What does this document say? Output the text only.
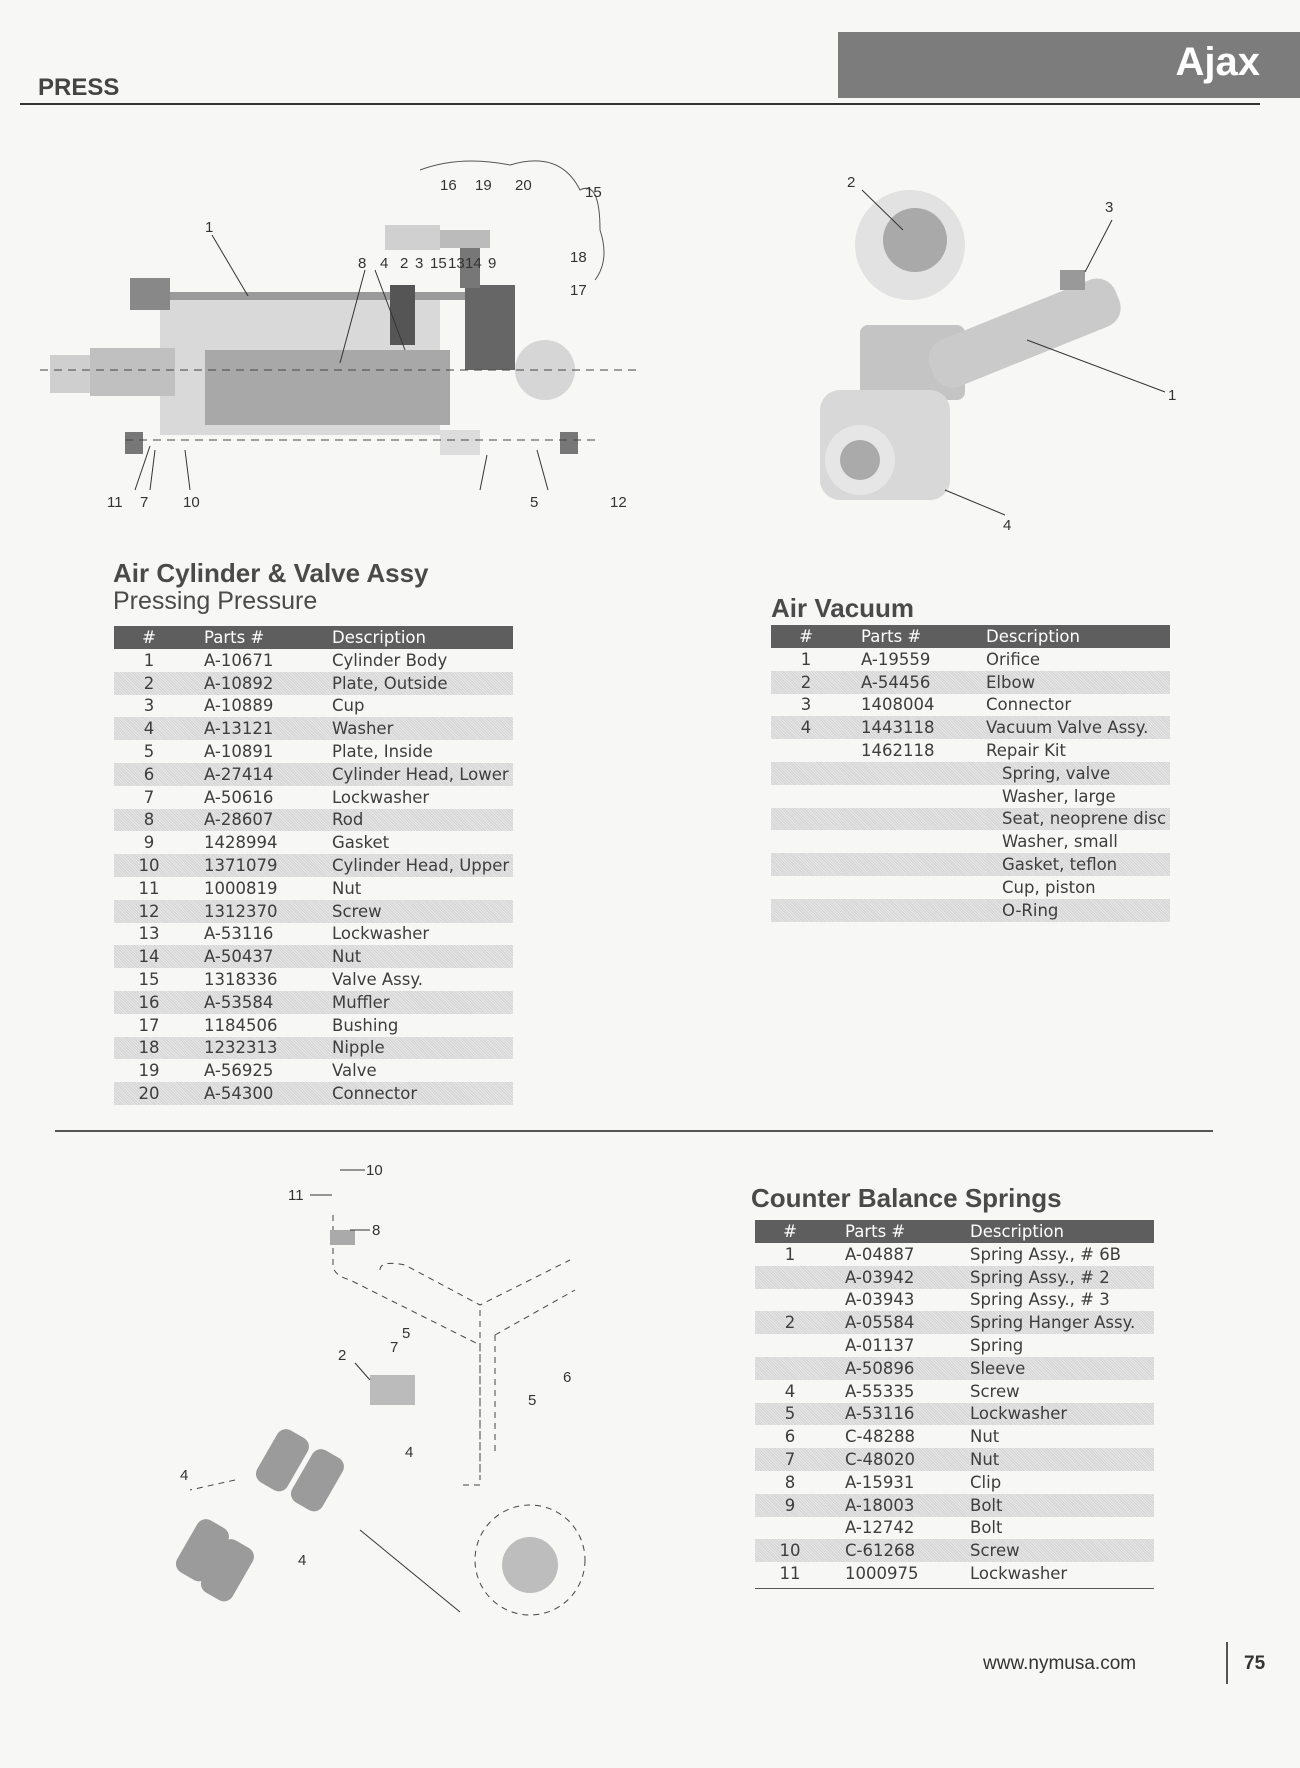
Ajax
PRESS
16 19 20	15
1
8 4 2 3 15 13 14 9	18
17
11 7 10	5	12
2
3
1
4
Air Cylinder & Valve Assy
Pressing Pressure
#	Parts #	Description
1	A-10671	Cylinder Body
2	A-10892	Plate, Outside
3	A-10889	Cup
4	A-13121	Washer
5	A-10891	Plate, Inside
6	A-27414	Cylinder Head, Lower
7	A-50616	Lockwasher
8	A-28607	Rod
9	1428994	Gasket
10	1371079	Cylinder Head, Upper
11	1000819	Nut
12	1312370	Screw
13	A-53116	Lockwasher
14	A-50437	Nut
15	1318336	Valve Assy.
16	A-53584	Muffler
17	1184506	Bushing
18	1232313	Nipple
19	A-56925	Valve
20	A-54300	Connector
Air Vacuum
#	Parts #	Description
1	A-19559	Orifice
2	A-54456	Elbow
3	1408004	Connector
4	1443118	Vacuum Valve Assy.
	1462118	Repair Kit
		Spring, valve
		Washer, large
		Seat, neoprene disc
		Washer, small
		Gasket, teflon
		Cup, piston
		O-Ring
10
11
8
5
7
2
5
6
4
4
4
Counter Balance Springs
#	Parts #	Description
1	A-04887	Spring Assy., # 6B
	A-03942	Spring Assy., # 2
	A-03943	Spring Assy., # 3
2	A-05584	Spring Hanger Assy.
	A-01137	Spring
	A-50896	Sleeve
4	A-55335	Screw
5	A-53116	Lockwasher
6	C-48288	Nut
7	C-48020	Nut
8	A-15931	Clip
9	A-18003	Bolt
	A-12742	Bolt
10	C-61268	Screw
11	1000975	Lockwasher
www.nymusa.com	75
